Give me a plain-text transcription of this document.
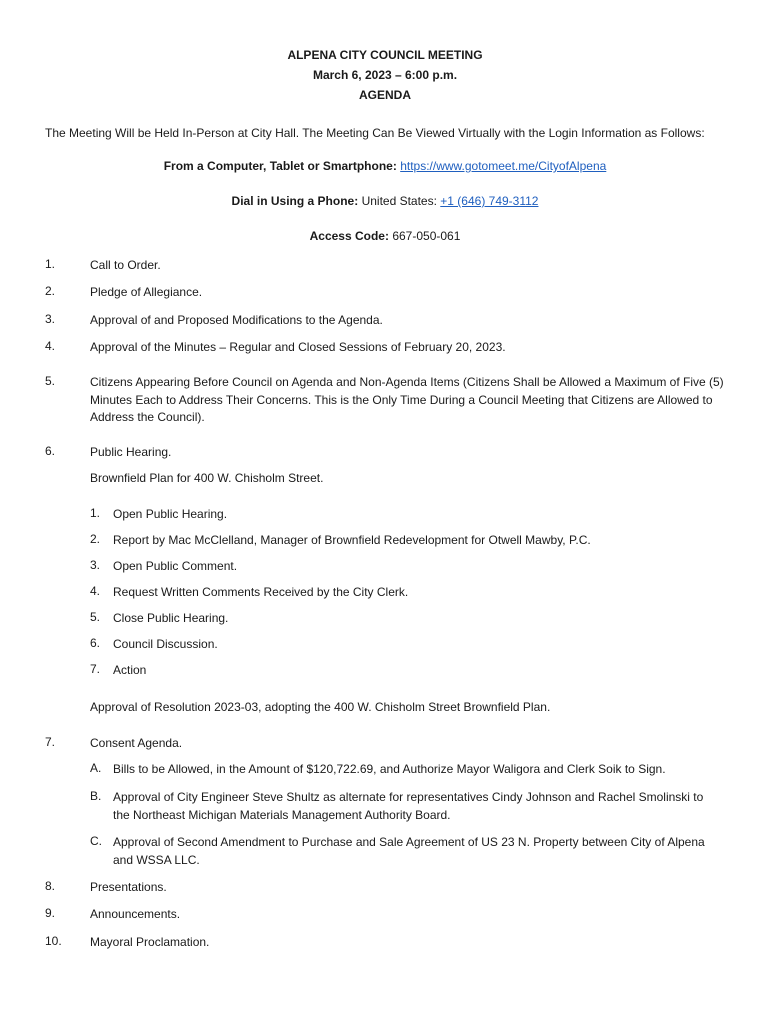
ALPENA CITY COUNCIL MEETING
March 6, 2023 – 6:00 p.m.
AGENDA
The Meeting Will be Held In-Person at City Hall. The Meeting Can Be Viewed Virtually with the Login Information as Follows:
From a Computer, Tablet or Smartphone: https://www.gotomeet.me/CityofAlpena
Dial in Using a Phone: United States: +1 (646) 749-3112
Access Code: 667-050-061
1.	Call to Order.
2.	Pledge of Allegiance.
3.	Approval of and Proposed Modifications to the Agenda.
4.	Approval of the Minutes – Regular and Closed Sessions of February 20, 2023.
5.	Citizens Appearing Before Council on Agenda and Non-Agenda Items (Citizens Shall be Allowed a Maximum of Five (5) Minutes Each to Address Their Concerns. This is the Only Time During a Council Meeting that Citizens are Allowed to Address the Council).
6.	Public Hearing.
Brownfield Plan for 400 W. Chisholm Street.
1.	Open Public Hearing.
2.	Report by Mac McClelland, Manager of Brownfield Redevelopment for Otwell Mawby, P.C.
3.	Open Public Comment.
4.	Request Written Comments Received by the City Clerk.
5.	Close Public Hearing.
6.	Council Discussion.
7.	Action
Approval of Resolution 2023-03, adopting the 400 W. Chisholm Street Brownfield Plan.
7.	Consent Agenda.
A. Bills to be Allowed, in the Amount of $120,722.69, and Authorize Mayor Waligora and Clerk Soik to Sign.
B. Approval of City Engineer Steve Shultz as alternate for representatives Cindy Johnson and Rachel Smolinski to the Northeast Michigan Materials Management Authority Board.
C. Approval of Second Amendment to Purchase and Sale Agreement of US 23 N. Property between City of Alpena and WSSA LLC.
8.	Presentations.
9.	Announcements.
10.	Mayoral Proclamation.
